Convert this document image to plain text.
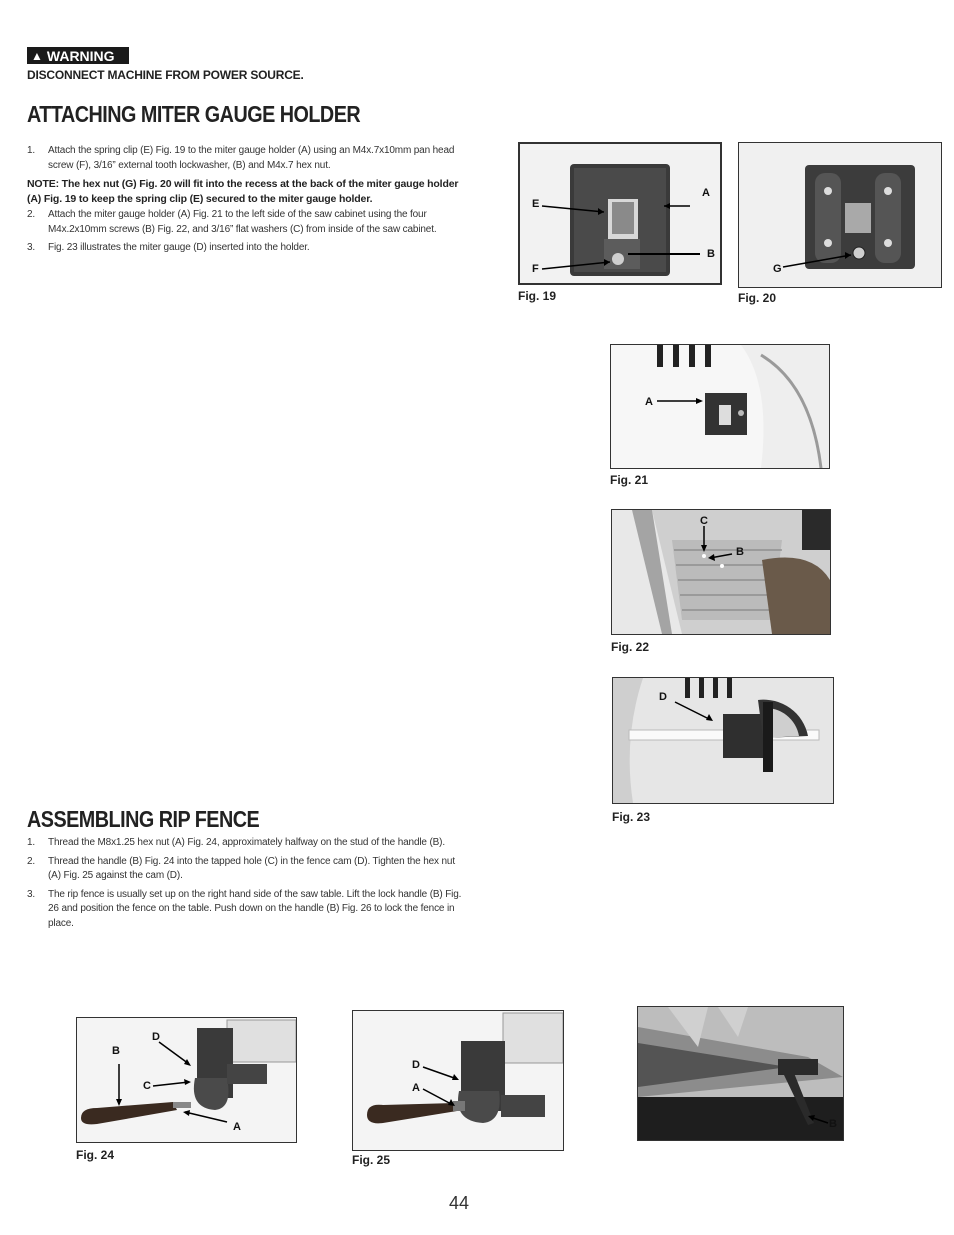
▲ WARNING
DISCONNECT MACHINE FROM POWER SOURCE.
ATTACHING MITER GAUGE HOLDER
1.	Attach the spring clip (E) Fig. 19 to the miter gauge holder (A) using an M4x.7x10mm pan head screw (F), 3/16” external tooth lockwasher, (B) and M4x.7 hex nut.
NOTE: The hex nut (G) Fig. 20 will fit into the recess at the back of the miter gauge holder (A) Fig. 19 to keep the spring clip (E) secured to the miter gauge holder.
2.	Attach the miter gauge holder (A) Fig. 21 to the left side of the saw cabinet using the four M4x.2x10mm screws (B) Fig. 22, and 3/16” flat washers (C) from inside of the saw cabinet.
3.	Fig. 23 illustrates the miter gauge (D) inserted into the holder.
A
B
E
F
Fig. 19
G
Fig. 20
A
Fig. 21
C
B
Fig. 22
D
Fig. 23
ASSEMBLING RIP FENCE
1.	Thread the M8x1.25 hex nut (A) Fig. 24, approximately halfway on the stud of the handle (B).
2.	Thread the handle (B) Fig. 24 into the tapped hole (C) in the fence cam (D). Tighten the hex nut (A) Fig. 25 against the cam (D).
3.	The rip fence is usually set up on the right hand side of the saw table. Lift the lock handle (B) Fig. 26 and position the fence on the table. Push down on the handle (B) Fig. 26 to lock the fence in place.
D
B
C
A
Fig. 24
D
A
Fig. 25
B
44
